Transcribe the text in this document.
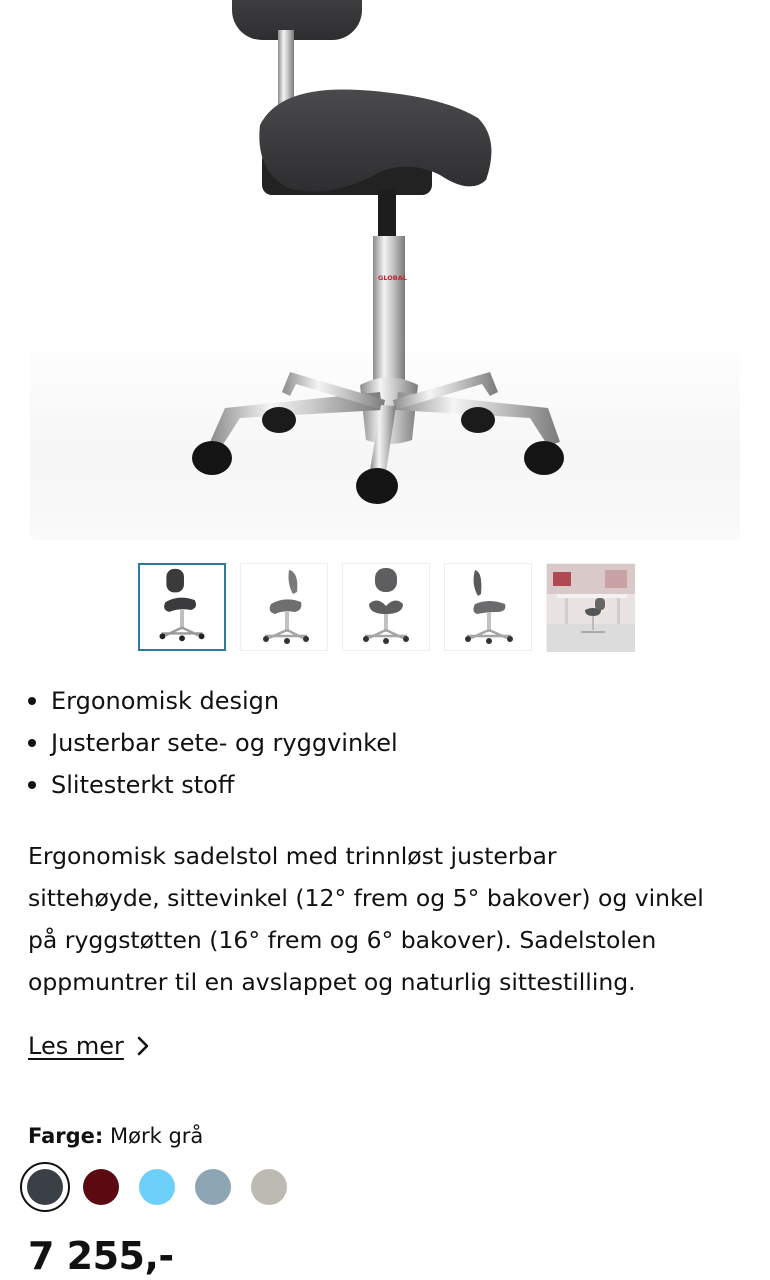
GLOBAL
Ergonomisk design
Justerbar sete- og ryggvinkel
Slitesterkt stoff
Ergonomisk sadelstol med trinnløst justerbar
sittehøyde, sittevinkel (12° frem og 5° bakover) og vinkel
på ryggstøtten (16° frem og 6° bakover). Sadelstolen
oppmuntrer til en avslappet og naturlig sittestilling.
Les mer
Farge: Mørk grå
7 255,-
